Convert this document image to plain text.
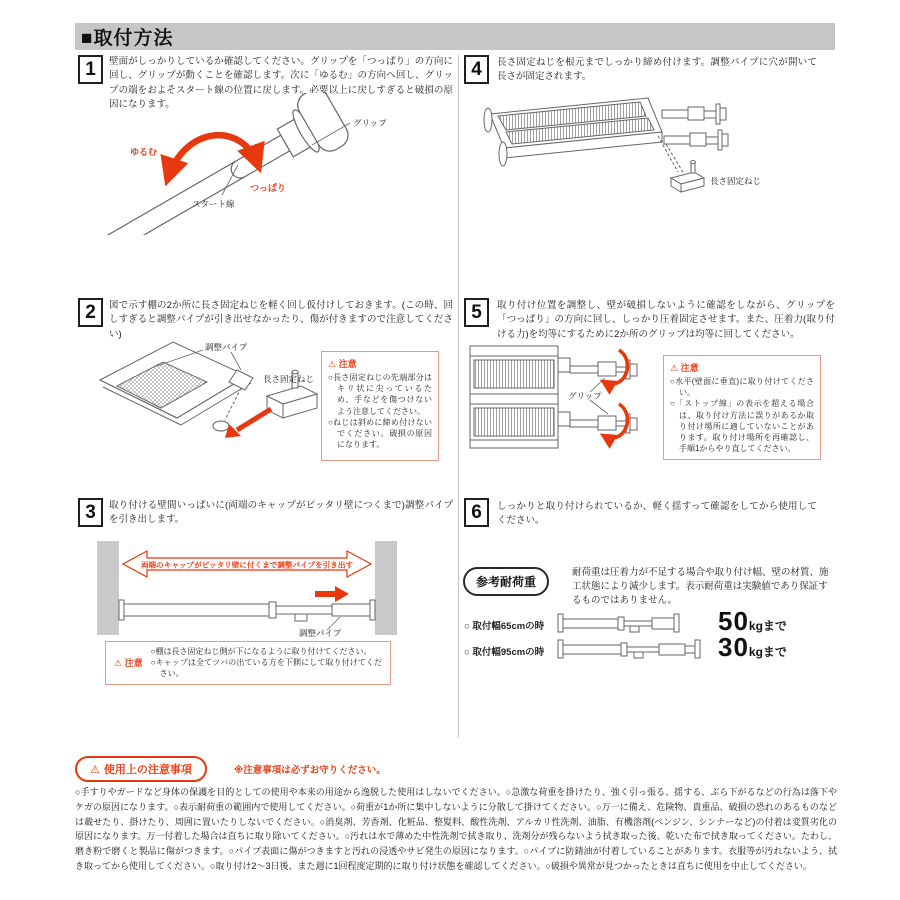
■取付方法
1 壁面がしっかりしているか確認してください。グリップを「つっぱり」の方向に回し、グリップが動くことを確認します。次に「ゆるむ」の方向へ回し、グリップの端をおよそスタート線の位置に戻します。必要以上に戻しすぎると破損の原因になります。
グリップ
ゆるむ
つっぱり
スタート線
2 図で示す棚の2か所に長さ固定ねじを軽く回し仮付けしておきます。(この時、回しすぎると調整パイプが引き出せなかったり、傷が付きますので注意してください)
調整パイプ
長さ固定ねじ
⚠ 注意
○長さ固定ねじの先端部分はキリ状に尖っているため、手などを傷つけないよう注意してください。
○ねじは斜めに締め付けないでください。破損の原因になります。
3 取り付ける壁間いっぱいに(両端のキャップがピッタリ壁につくまで)調整パイプを引き出します。
両端のキャップがピッタリ壁に付くまで調整パイプを引き出す
調整パイプ
⚠ 注意
○棚は長さ固定ねじ側が下になるように取り付けてください。
○キャップは全てツバの出ている方を下側にして取り付けてください。
4 長さ固定ねじを根元までしっかり締め付けます。調整パイプに穴が開いて長さが固定されます。
長さ固定ねじ
5 取り付け位置を調整し、壁が破損しないように確認をしながら、グリップを「つっぱり」の方向に回し、しっかり圧着固定させます。また、圧着力(取り付ける力)を均等にするために2か所のグリップは均等に回してください。
グリップ
⚠ 注意
○水平(壁面に垂直)に取り付けてください。
○「ストップ線」の表示を超える場合は、取り付け方法に誤りがあるか取り付け場所に適していないことがあります。取り付け場所を再確認し、手順1からやり直してください。
6 しっかりと取り付けられているか、軽く揺すって確認をしてから使用してください。
参考耐荷重
耐荷重は圧着力が不足する場合や取り付け幅、壁の材質、施工状態により減少します。表示耐荷重は実験値であり保証するものではありません。
○ 取付幅65cmの時	50 kgまで
○ 取付幅95cmの時	30 kgまで
⚠ 使用上の注意事項	※注意事項は必ずお守りください。
○手すりやガードなど身体の保護を目的としての使用や本来の用途から逸脱した使用はしないでください。○急激な荷重を掛けたり、強く引っ張る、揺する、ぶら下がるなどの行為は落下やケガの原因になります。○表示耐荷重の範囲内で使用してください。○荷重が1か所に集中しないように分散して掛けてください。○万一に備え、危険物、貴重品、破損の恐れのあるものなどは載せたり、掛けたり、周囲に置いたりしないでください。○消臭剤、芳香剤、化粧品、整髪料、酸性洗剤、アルカリ性洗剤、油脂、有機溶剤(ベンジン、シンナーなど)の付着は変質劣化の原因になります。万一付着した場合は直ちに取り除いてください。○汚れは水で薄めた中性洗剤で拭き取り、洗剤分が残らないよう拭き取った後、乾いた布で拭き取ってください。たわし、磨き粉で磨くと製品に傷がつきます。○パイプ表面に傷がつきますと汚れの浸透やサビ発生の原因になります。○パイプに防錆油が付着していることがあります。衣服等が汚れないよう、拭き取ってから使用してください。○取り付け2〜3日後、また週に1回程度定期的に取り付け状態を確認してください。○破損や異常が見つかったときは直ちに使用を中止してください。
